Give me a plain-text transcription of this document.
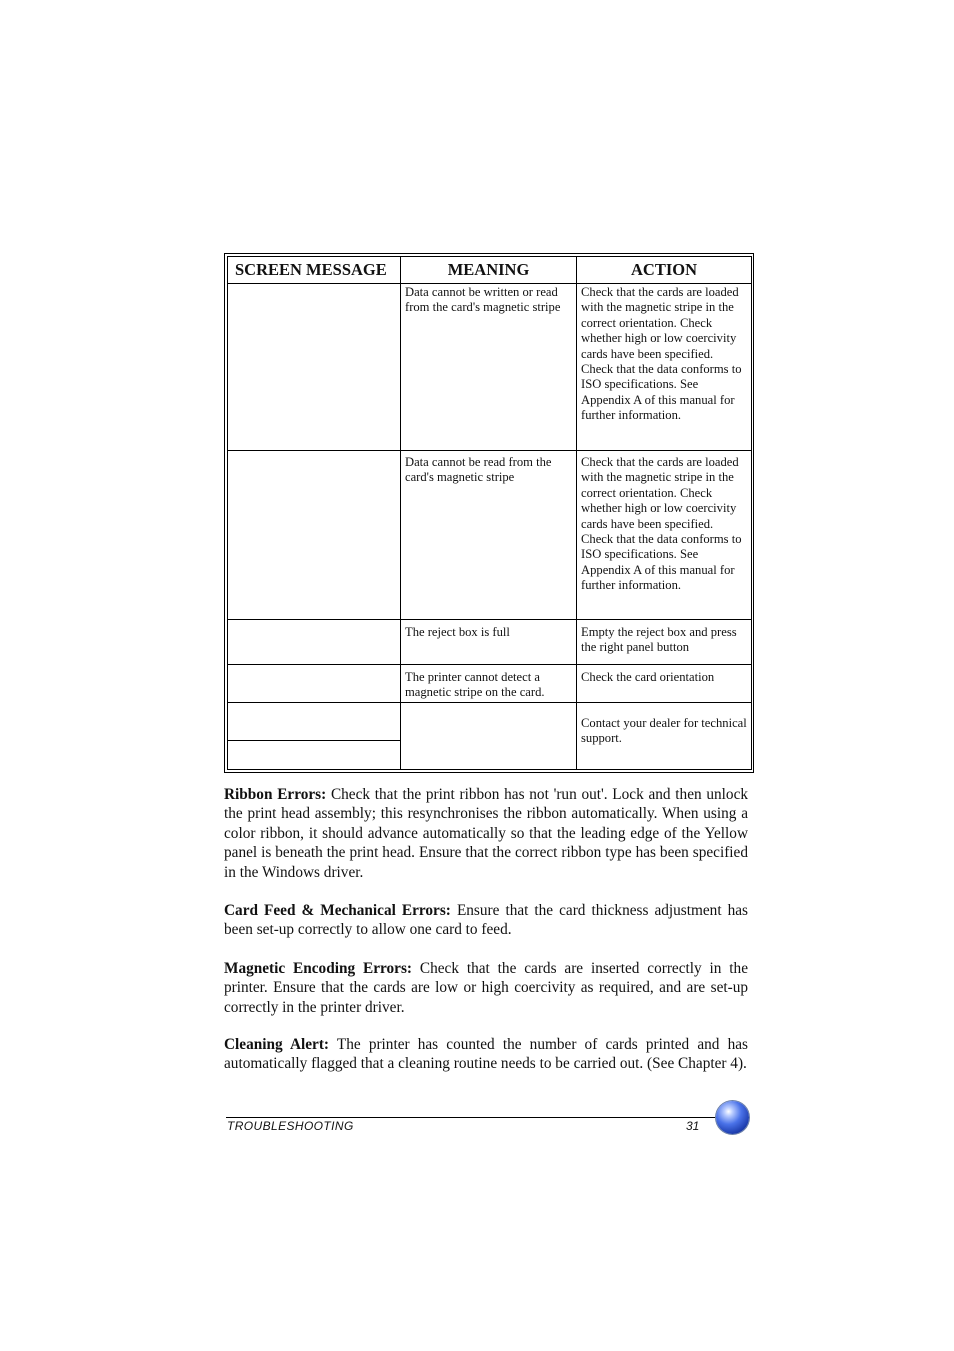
SCREEN MESSAGE	MEANING	ACTION
	Data cannot be written or read from the card's magnetic stripe	Check that the cards are loaded with the magnetic stripe in the correct orientation. Check whether high or low coercivity cards have been specified. Check that the data conforms to ISO specifications. See Appendix A of this manual for further information.
	Data cannot be read from the card's magnetic stripe	Check that the cards are loaded with the magnetic stripe in the correct orientation. Check whether high or low coercivity cards have been specified. Check that the data conforms to ISO specifications. See Appendix A of this manual for further information.
	The reject box is full	Empty the reject box and press the right panel button
	The printer cannot detect a magnetic stripe on the card.	Check the card orientation

		Contact your dealer for technical support.

Ribbon Errors: Check that the print ribbon has not 'run out'. Lock and then unlock the print head assembly; this resynchronises the ribbon automatically. When using a color ribbon, it should advance automatically so that the leading edge of the Yellow panel is beneath the print head. Ensure that the correct ribbon type has been specified in the Windows driver.

Card Feed & Mechanical Errors: Ensure that the card thickness adjustment has been set-up correctly to allow one card to feed.

Magnetic Encoding Errors: Check that the cards are inserted correctly in the printer. Ensure that the cards are low or high coercivity as required, and are set-up correctly in the printer driver.

Cleaning Alert: The printer has counted the number of cards printed and has automatically flagged that a cleaning routine needs to be carried out. (See Chapter 4).

TROUBLESHOOTING	31
